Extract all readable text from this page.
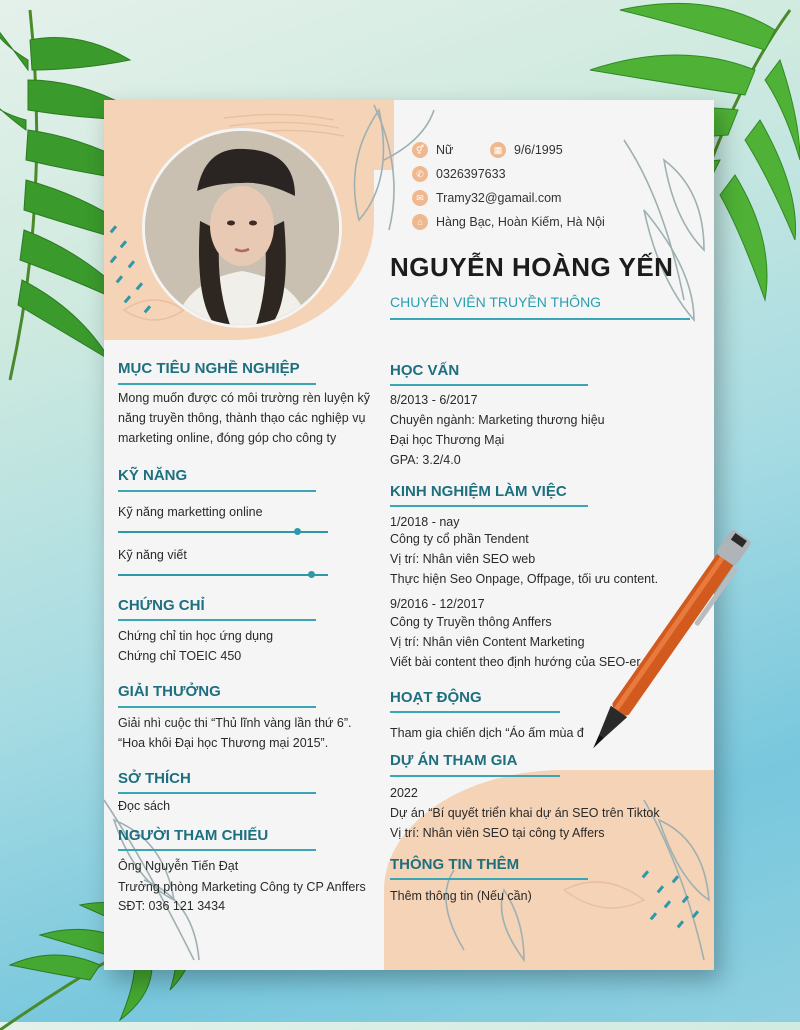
⚥ Nữ	▦ 9/6/1995
✆ 0326397633
✉ Tramy32@gamail.com
⌂	Hàng Bạc, Hoàn Kiếm, Hà Nội
NGUYỄN HOÀNG YẾN
CHUYÊN VIÊN TRUYỀN THÔNG
MỤC TIÊU NGHỀ NGHIỆP
Mong muốn được có môi trường rèn luyện kỹ
năng truyền thông, thành thạo các nghiệp vụ
marketing online, đóng góp cho công ty
KỸ NĂNG
Kỹ năng marketting online
Kỹ năng viết
CHỨNG CHỈ
Chứng chỉ tin học ứng dụng
Chứng chỉ TOEIC 450
GIẢI THƯỞNG
Giải nhì cuộc thi “Thủ lĩnh vàng lần thứ 6”.
“Hoa khôi Đại học Thương mại 2015”.
SỞ THÍCH
Đọc sách
NGƯỜI THAM CHIẾU
Ông Nguyễn Tiến Đạt
Trưởng phòng Marketing Công ty CP Anffers
SĐT: 036 121 3434
HỌC VẤN
8/2013 - 6/2017
Chuyên ngành: Marketing thương hiệu
Đại học Thương Mại
GPA: 3.2/4.0
KINH NGHIỆM LÀM VIỆC
1/2018 - nay
Công ty cổ phần Tendent
Vị trí: Nhân viên SEO web
Thực hiện Seo Onpage, Offpage, tối ưu content.
9/2016 - 12/2017
Công ty Truyền thông Anffers
Vị trí: Nhân viên Content Marketing
Viết bài content theo định hướng của SEO-er
HOẠT ĐỘNG
Tham gia chiến dịch “Áo ấm mùa đ
DỰ ÁN THAM GIA
2022
Dự án “Bí quyết triển khai dự án SEO trên Tiktok
Vị trí: Nhân viên SEO tại công ty Affers
THÔNG TIN THÊM
Thêm thông tin (Nếu cần)
